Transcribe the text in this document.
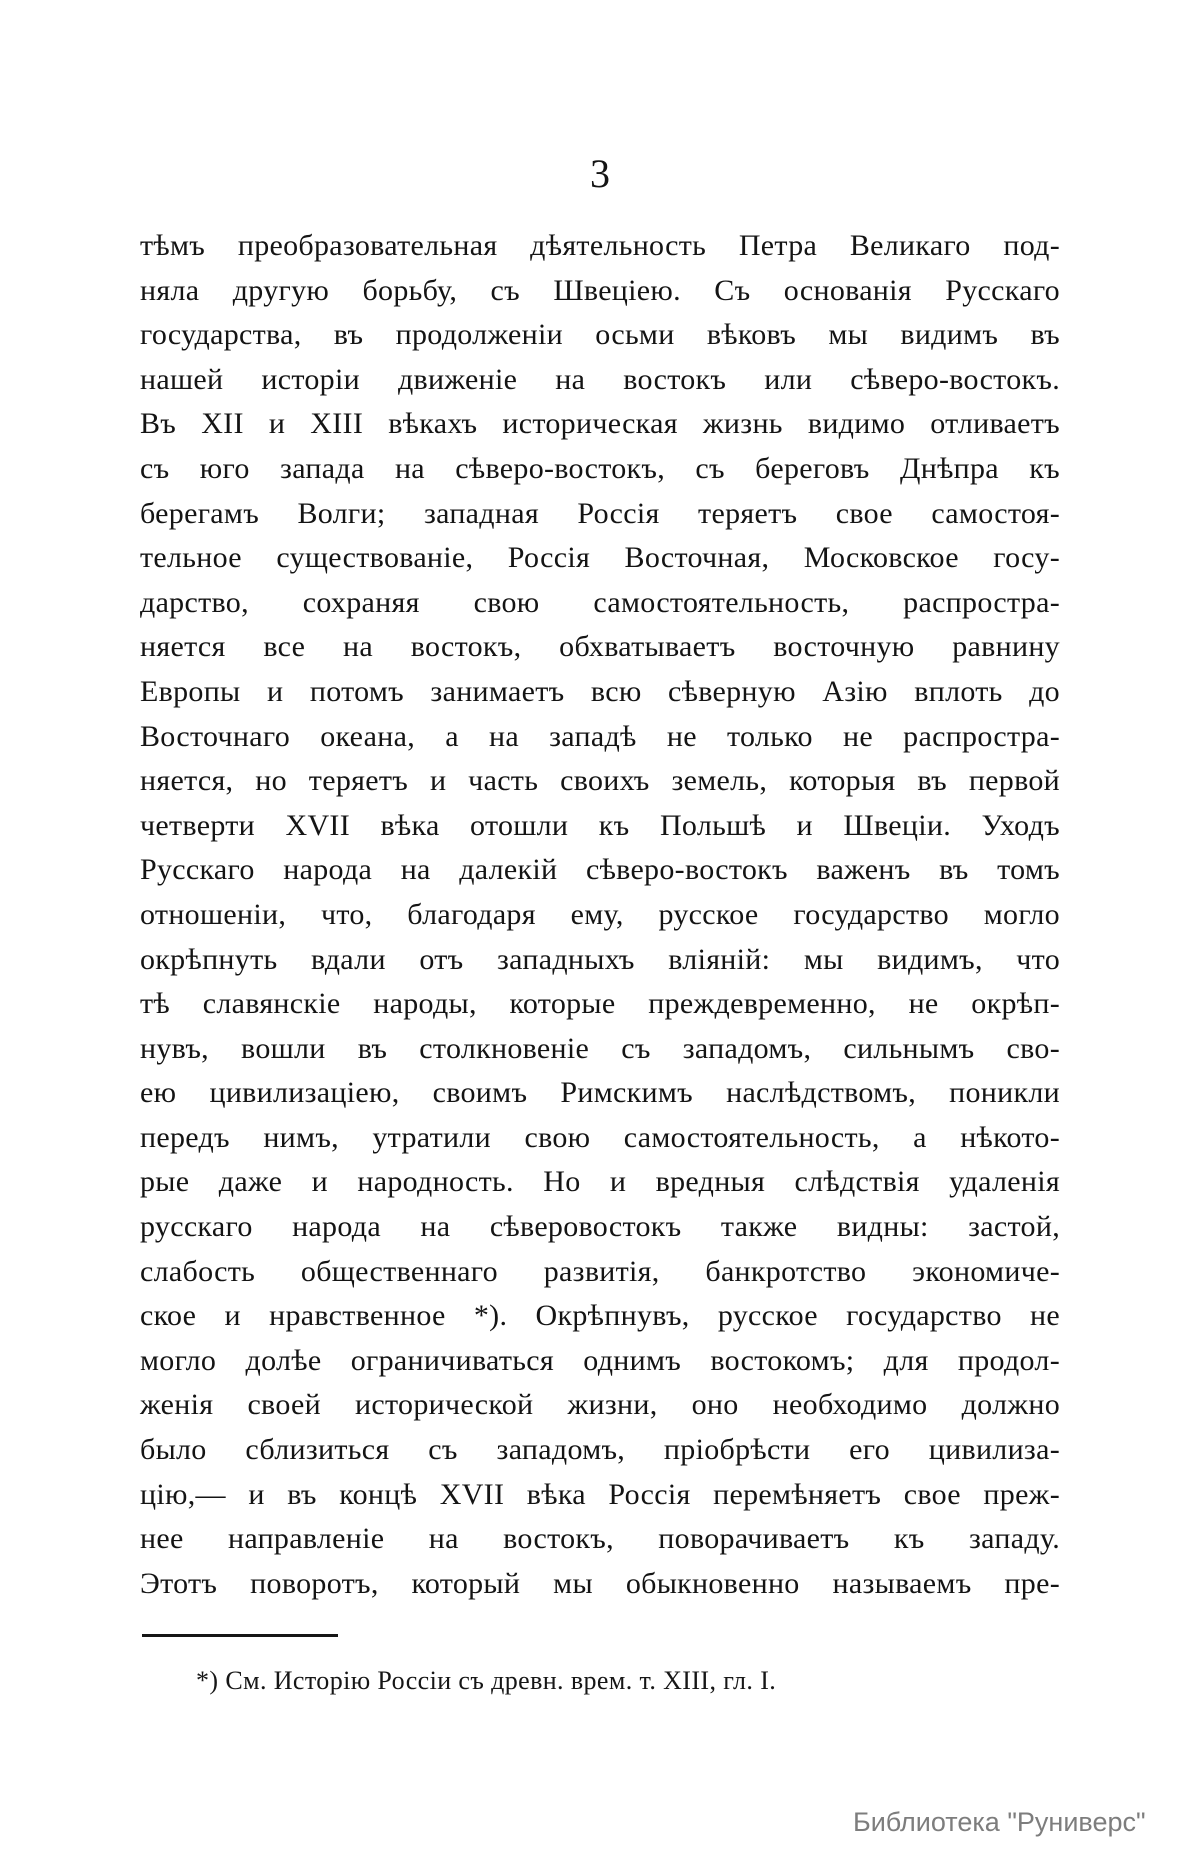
3
тѣмъ преобразовательная дѣятельность Петра Великаго под-
няла другую борьбу, съ Швеціею. Съ основанія Русскаго
государства, въ продолженіи осьми вѣковъ мы видимъ въ
нашей исторіи движеніе на востокъ или сѣверо-востокъ.
Въ XII и XIII вѣкахъ историческая жизнь видимо отливаетъ
съ юго запада на сѣверо-востокъ, съ береговъ Днѣпра къ
берегамъ Волги; западная Россія теряетъ свое самостоя-
тельное существованіе, Россія Восточная, Московское госу-
дарство, сохраняя свою самостоятельность, распростра-
няется все на востокъ, обхватываетъ восточную равнину
Европы и потомъ занимаетъ всю сѣверную Азію вплоть до
Восточнаго океана, а на западѣ не только не распростра-
няется, но теряетъ и часть своихъ земель, которыя въ первой
четверти XVII вѣка отошли къ Польшѣ и Швеціи. Уходъ
Русскаго народа на далекій сѣверо-востокъ важенъ въ томъ
отношеніи, что, благодаря ему, русское государство могло
окрѣпнуть вдали отъ западныхъ вліяній: мы видимъ, что
тѣ славянскіе народы, которые преждевременно, не окрѣп-
нувъ, вошли въ столкновеніе съ западомъ, сильнымъ сво-
ею цивилизаціею, своимъ Римскимъ наслѣдствомъ, поникли
передъ нимъ, утратили свою самостоятельность, а нѣкото-
рые даже и народность. Но и вредныя слѣдствія удаленія
русскаго народа на сѣверовостокъ также видны: застой,
слабость общественнаго развитія, банкротство экономиче-
ское и нравственное *). Окрѣпнувъ, русское государство не
могло долѣе ограничиваться однимъ востокомъ; для продол-
женія своей исторической жизни, оно необходимо должно
было сблизиться съ западомъ, пріобрѣсти его цивилиза-
цію,— и въ концѣ XVII вѣка Россія перемѣняетъ свое преж-
нее направленіе на востокъ, поворачиваетъ къ западу.
Этотъ поворотъ, который мы обыкновенно называемъ пре-
*) См. Исторію Россіи съ древн. врем. т. XIII, гл. I.
Библиотека "Руниверс"
